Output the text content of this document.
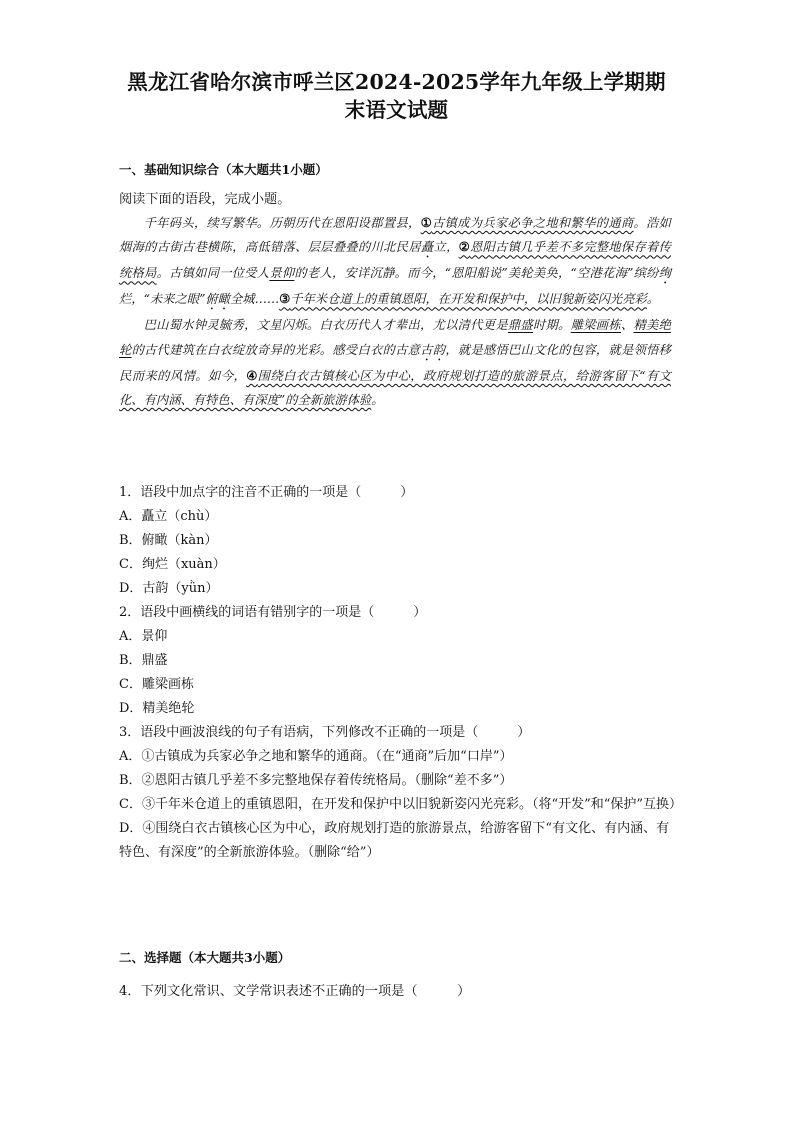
黑龙江省哈尔滨市呼兰区2024-2025学年九年级上学期期
末语文试题
一、基础知识综合（本大题共1小题）
阅读下面的语段，完成小题。

千年码头，续写繁华。历朝历代在恩阳设郡置县，①古镇成为兵家必争之地和繁华的通商。浩如烟海的古街古巷横陈，高低错落、层层叠叠的川北民居矗立，②恩阳古镇几乎差不多完整地保存着传统格局。古镇如同一位受人景仰的老人，安详沉静。而今，“恩阳船说”美轮美奂，“空港花海”缤纷绚烂，“未来之眼”俯瞰全城……③千年米仓道上的重镇恩阳，在开发和保护中，以旧貌新姿闪光亮彩。

巴山蜀水钟灵毓秀，文星闪烁。白衣历代人才辈出，尤以清代更是鼎盛时期。雕梁画栋、精美绝轮的古代建筑在白衣绽放奇异的光彩。感受白衣的古意古韵，就是感悟巴山文化的包容，就是领悟移民而来的风情。如今，④围绕白衣古镇核心区为中心，政府规划打造的旅游景点，给游客留下“有文化、有内涵、有特色、有深度”的全新旅游体验。

1．语段中加点字的注音不正确的一项是（　　　）
A．矗立（chù）
B．俯瞰（kàn）
C．绚烂（xuàn）
D．古韵（yǜn）
2．语段中画横线的词语有错别字的一项是（　　　）
A．景仰
B．鼎盛
C．雕梁画栋
D．精美绝轮
3．语段中画波浪线的句子有语病，下列修改不正确的一项是（　　　）
A．①古镇成为兵家必争之地和繁华的通商。（在“通商”后加“口岸”）
B．②恩阳古镇几乎差不多完整地保存着传统格局。（删除“差不多”）
C．③千年米仓道上的重镇恩阳，在开发和保护中以旧貌新姿闪光亮彩。（将“开发”和“保护”互换）
D．④围绕白衣古镇核心区为中心，政府规划打造的旅游景点，给游客留下“有文化、有内涵、有特色、有深度”的全新旅游体验。（删除“给”）
二、选择题（本大题共3小题）
4．下列文化常识、文学常识表述不正确的一项是（　　　）
